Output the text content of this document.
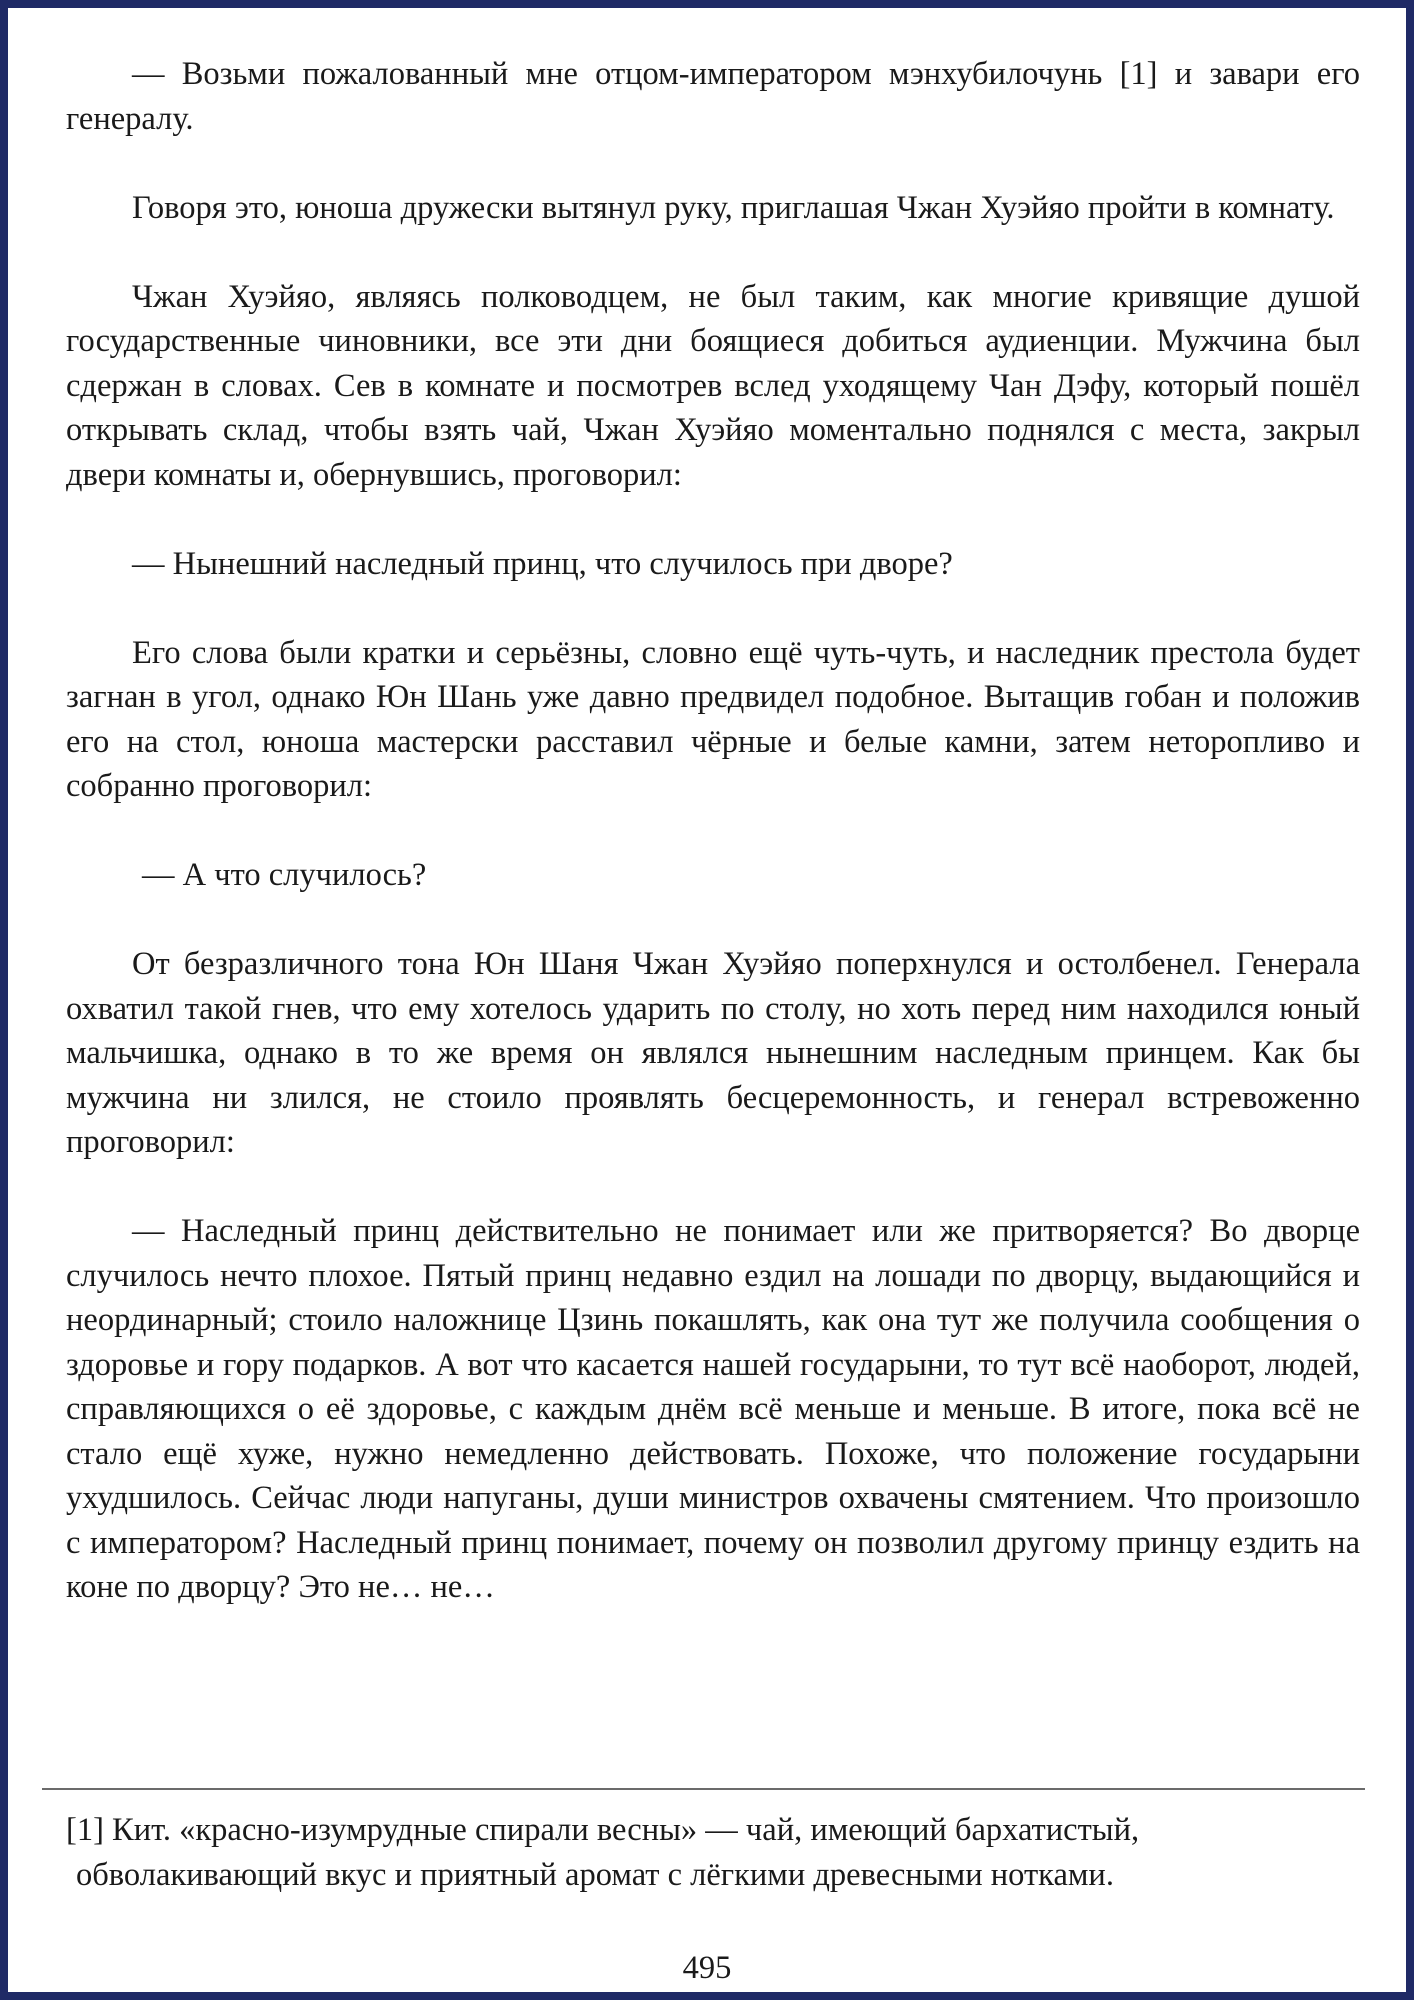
— Возьми пожалованный мне отцом-императором мэнхубилочунь [1] и завари его генералу.

Говоря это, юноша дружески вытянул руку, приглашая Чжан Хуэйяо пройти в комнату.

Чжан Хуэйяо, являясь полководцем, не был таким, как многие кривящие душой государственные чиновники, все эти дни боящиеся добиться аудиенции. Мужчина был сдержан в словах. Сев в комнате и посмотрев вслед уходящему Чан Дэфу, который пошёл открывать склад, чтобы взять чай, Чжан Хуэйяо моментально поднялся с места, закрыл двери комнаты и, обернувшись, проговорил:

— Нынешний наследный принц, что случилось при дворе?

Его слова были кратки и серьёзны, словно ещё чуть-чуть, и наследник престола будет загнан в угол, однако Юн Шань уже давно предвидел подобное. Вытащив гобан и положив его на стол, юноша мастерски расставил чёрные и белые камни, затем неторопливо и собранно проговорил:

— А что случилось?

От безразличного тона Юн Шаня Чжан Хуэйяо поперхнулся и остолбенел. Генерала охватил такой гнев, что ему хотелось ударить по столу, но хоть перед ним находился юный мальчишка, однако в то же время он являлся нынешним наследным принцем. Как бы мужчина ни злился, не стоило проявлять бесцеремонность, и генерал встревоженно проговорил:

— Наследный принц действительно не понимает или же притворяется? Во дворце случилось нечто плохое. Пятый принц недавно ездил на лошади по дворцу, выдающийся и неординарный; стоило наложнице Цзинь покашлять, как она тут же получила сообщения о здоровье и гору подарков. А вот что касается нашей государыни, то тут всё наоборот, людей, справляющихся о её здоровье, с каждым днём всё меньше и меньше. В итоге, пока всё не стало ещё хуже, нужно немедленно действовать. Похоже, что положение государыни ухудшилось. Сейчас люди напуганы, души министров охвачены смятением. Что произошло с императором? Наследный принц понимает, почему он позволил другому принцу ездить на коне по дворцу? Это не… не…

[1] Кит. «красно-изумрудные спирали весны» — чай, имеющий бархатистый,
обволакивающий вкус и приятный аромат с лёгкими древесными нотками.
495
